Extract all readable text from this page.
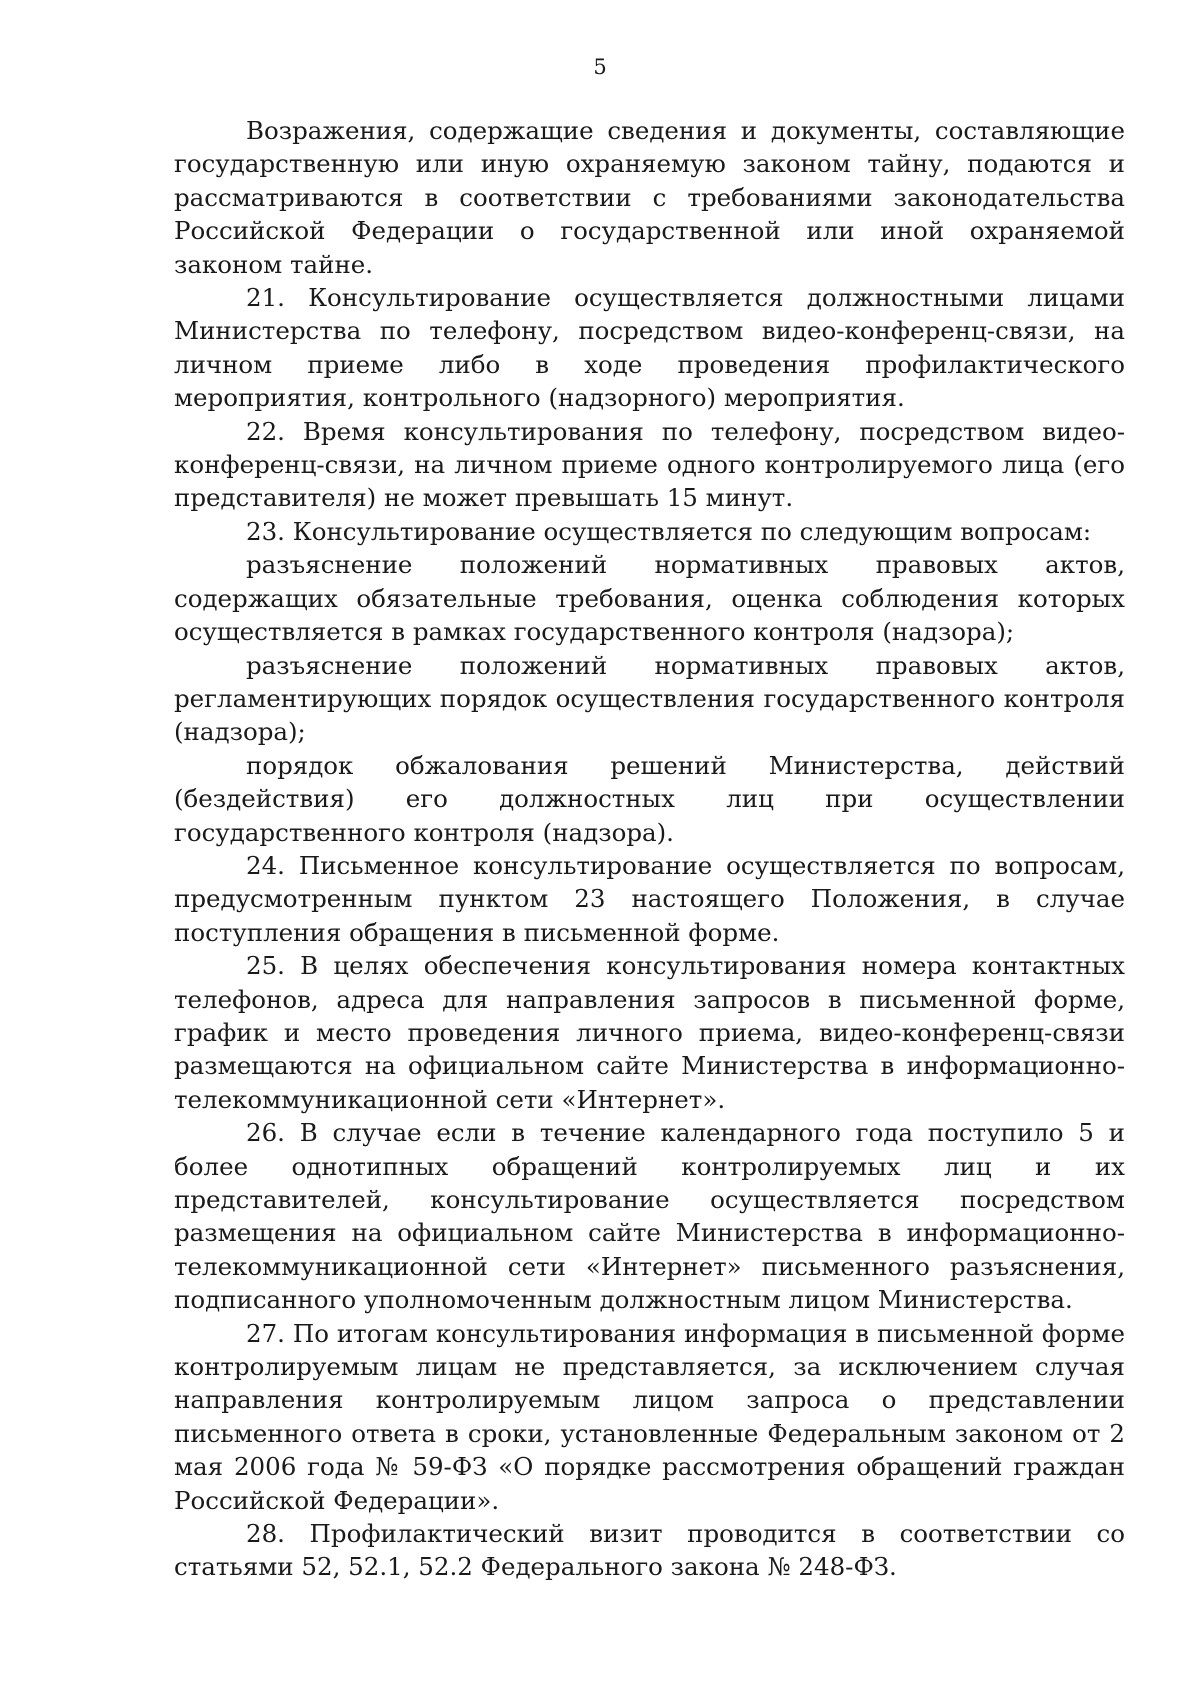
5

Возражения, содержащие сведения и документы, составляющие государственную или иную охраняемую законом тайну, подаются и рассматриваются в соответствии с требованиями законодательства Российской Федерации о государственной или иной охраняемой законом тайне.

21. Консультирование осуществляется должностными лицами Министерства по телефону, посредством видео-конференц-связи, на личном приеме либо в ходе проведения профилактического мероприятия, контрольного (надзорного) мероприятия.

22. Время консультирования по телефону, посредством видео-конференц-связи, на личном приеме одного контролируемого лица (его представителя) не может превышать 15 минут.

23. Консультирование осуществляется по следующим вопросам:

разъяснение положений нормативных правовых актов, содержащих обязательные требования, оценка соблюдения которых осуществляется в рамках государственного контроля (надзора);

разъяснение положений нормативных правовых актов, регламентирующих порядок осуществления государственного контроля (надзора);

порядок обжалования решений Министерства, действий (бездействия) его должностных лиц при осуществлении государственного контроля (надзора).

24. Письменное консультирование осуществляется по вопросам, предусмотренным пунктом 23 настоящего Положения, в случае поступления обращения в письменной форме.

25. В целях обеспечения консультирования номера контактных телефонов, адреса для направления запросов в письменной форме, график и место проведения личного приема, видео-конференц-связи размещаются на официальном сайте Министерства в информационно-телекоммуникационной сети «Интернет».

26. В случае если в течение календарного года поступило 5 и более однотипных обращений контролируемых лиц и их представителей, консультирование осуществляется посредством размещения на официальном сайте Министерства в информационно-телекоммуникационной сети «Интернет» письменного разъяснения, подписанного уполномоченным должностным лицом Министерства.

27. По итогам консультирования информация в письменной форме контролируемым лицам не представляется, за исключением случая направления контролируемым лицом запроса о представлении письменного ответа в сроки, установленные Федеральным законом от 2 мая 2006 года № 59-ФЗ «О порядке рассмотрения обращений граждан Российской Федерации».

28. Профилактический визит проводится в соответствии со статьями 52, 52.1, 52.2 Федерального закона № 248-ФЗ.
